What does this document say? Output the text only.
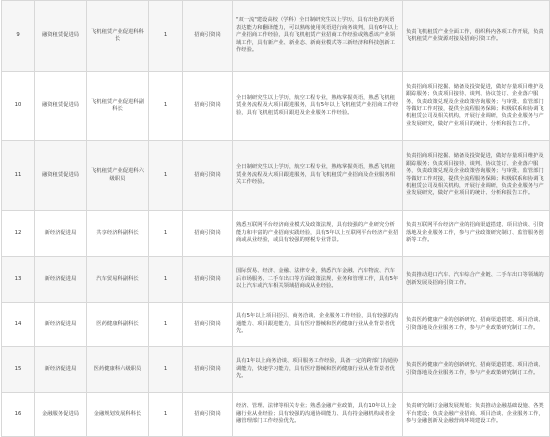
9	融资租赁促进局	飞机租赁产业促进科科长	1	招商引资岗	"双一流"建设高校（学科）全日制研究生以上学历，具有出色的英语表达能力和翻译能力，可以熟练使用英语进行商务谈判，具有6年以上产业招商工作经验，具有飞机租赁产业招商工作经验或熟悉该产业领域工作，具有新产业、新业态、新商业模式等三新经济和科技创新工作经验。	负责飞机租赁产业全面工作，组织科内各项工作开展，负责飞机租赁产业资源对接及招商引资工作。
10	融资租赁促进局	飞机租赁产业促进科副科长	1	招商引资岗	全日制研究生以上学历，航空工程专业，熟练掌握英语，熟悉飞机租赁业务流程及大项目跟进服务，具有5年以上飞机租赁产业招商工作经验，具有飞机租赁项目跟进及企业服务工作经验。	负责招商项目挖掘、储备及投资促进，做好存量项目维护及跟踪服务；负责项目接待、谈判、协议签订、企业落户服务，负责政策兑现及企业政策咨询服务；与审批、监管部门等做好工作对接，提供全流程服务保障；积极联系和协调飞机租赁公司及相关机构，开展行业调研，负责企业服务与产业发展研究，做好产业项目的统计、分析和报告工作。
11	融资租赁促进局	飞机租赁产业促进科六级职员	1	招商引资岗	全日制研究生以上学历，航空工程专业，熟练掌握英语，熟悉飞机租赁业务流程及大项目跟进服务，具有飞机租赁产业招商及企业服务相关工作经验。	负责招商项目挖掘、储备及投资促进，做好存量项目维护及跟踪服务；负责项目接待、谈判、协议签订、企业落户服务，负责政策兑现及企业政策咨询服务；与审批、监管部门等做好工作对接，提供全流程服务保障；积极联系和协调飞机租赁公司及相关机构，开展行业调研，负责企业服务与产业发展研究，做好产业项目的统计、分析和报告工作。
12	新经济促进局	共享经济科副科长	1	招商引资岗	熟悉互联网平台经济商业模式及政策法规，具有较强的产业研究分析能力和丰富的产业招商实践经验，具有5年以上互联网平台经济产业招商或从业经验，或具有较强的财税专业背景。	负责互联网平台经济产业的招商渠道搭建、项目洽谈、引资落地及企业服务工作，参与产业政策研究制订、监管服务创新等工作。
13	新经济促进局	汽车贸易科副科长	1	招商引资岗	国际贸易、经济、金融、法律专业，熟悉汽车金融、汽车物流、汽车后市场服务、二手车出口等方面政策法规、业务和管理工作，具有5年以上汽车或汽车相关领域招商或从业经验。	负责推动进口汽车、汽车综合产业链、二手车出口等领域的创新发展及招商引资工作。
14	新经济促进局	医药健康科副科长	1	招商引资岗	具有5年以上项目招引、商务洽谈、企业服务工作经验，具有较强的沟通能力、项目跟进能力，具有医疗器械和医药健康行业从业背景者优先。	负责医药健康产业的创新研究、招商渠道搭建、项目洽谈、引资落地及企业服务工作，参与产业政策研究制订工作。
15	新经济促进局	医药健康科六级职员	1	招商引资岗	具有1年以上商务洽谈、项目服务工作经验，具备一定的跨部门沟通协调能力，快速学习能力，具有医疗器械和医药健康行业从业背景者优先。	负责医药健康产业的创新研究、招商渠道搭建、项目洽谈、引资落地及企业服务工作，参与产业政策研究制订工作。
16	金融服务促进局	金融规划发展科科长	1	招商引资岗	经济、管理、法律等相关专业；熟悉金融产业政策，具有10年以上金融行业从业经验；具有较强的沟通协调能力、具有持金融机构或者金融管理部门工作经验优先。	负责研究制订金融发展规划；负责推动金融基础设施、各类平台建设；负责金融产业招商、项目洽谈、企业服务工作，参与金融创新及金融营商环境建设工作。
